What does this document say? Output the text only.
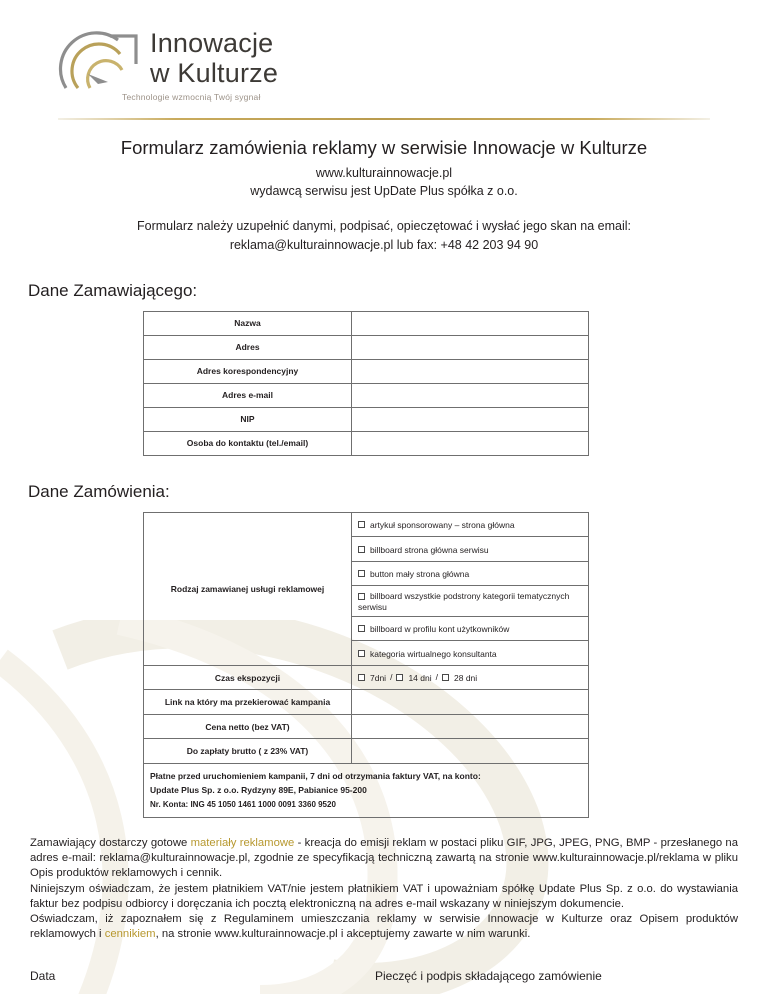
Innowacje
w Kulturze
Technologie wzmocnią Twój sygnał
Formularz zamówienia reklamy w serwisie Innowacje w Kulturze
www.kulturainnowacje.pl
wydawcą serwisu jest UpDate Plus spółka z o.o.
Formularz należy uzupełnić danymi, podpisać, opieczętować i wysłać jego skan na email:
reklama@kulturainnowacje.pl lub fax: +48 42 203 94 90
Dane Zamawiającego:
Nazwa	
Adres	
Adres korespondencyjny	
Adres e-mail	
NIP	
Osoba do kontaktu (tel./email)	
Dane Zamówienia:
Rodzaj zamawianej usługi reklamowej	artykuł sponsorowany – strona główna
	billboard strona główna serwisu
	button mały strona główna
	billboard wszystkie podstrony kategorii tematycznych serwisu
	billboard w profilu kont użytkowników
	kategoria wirtualnego konsultanta
Czas ekspozycji	7dni / 14 dni / 28 dni
Link na który ma przekierować kampania	
Cena netto (bez VAT)	
Do zapłaty brutto ( z 23% VAT)	

Płatne przed uruchomieniem kampanii, 7 dni od otrzymania faktury VAT, na konto:
Update Plus Sp. z o.o. Rydzyny 89E, Pabianice 95-200
Nr. Konta: ING 45 1050 1461 1000 0091 3360 9520	

Zamawiający dostarczy gotowe materiały reklamowe - kreacja do emisji reklam w postaci pliku GIF, JPG, JPEG, PNG, BMP - przesłanego na adres e-mail: reklama@kulturainnowacje.pl, zgodnie ze specyfikacją techniczną zawartą na stronie www.kulturainnowacje.pl/reklama w pliku Opis produktów reklamowych i cennik.

Niniejszym oświadczam, że jestem płatnikiem VAT/nie jestem płatnikiem VAT i upoważniam spółkę Update Plus Sp. z o.o. do wystawiania faktur bez podpisu odbiorcy i doręczania ich pocztą elektroniczną na adres e-mail wskazany w niniejszym dokumencie.

Oświadczam, iż zapoznałem się z Regulaminem umieszczania reklamy w serwisie Innowacje w Kulturze oraz Opisem produktów reklamowych i cennikiem, na stronie www.kulturainnowacje.pl i akceptujemy zawarte w nim warunki.

Data	Pieczęć i podpis składającego zamówienie
